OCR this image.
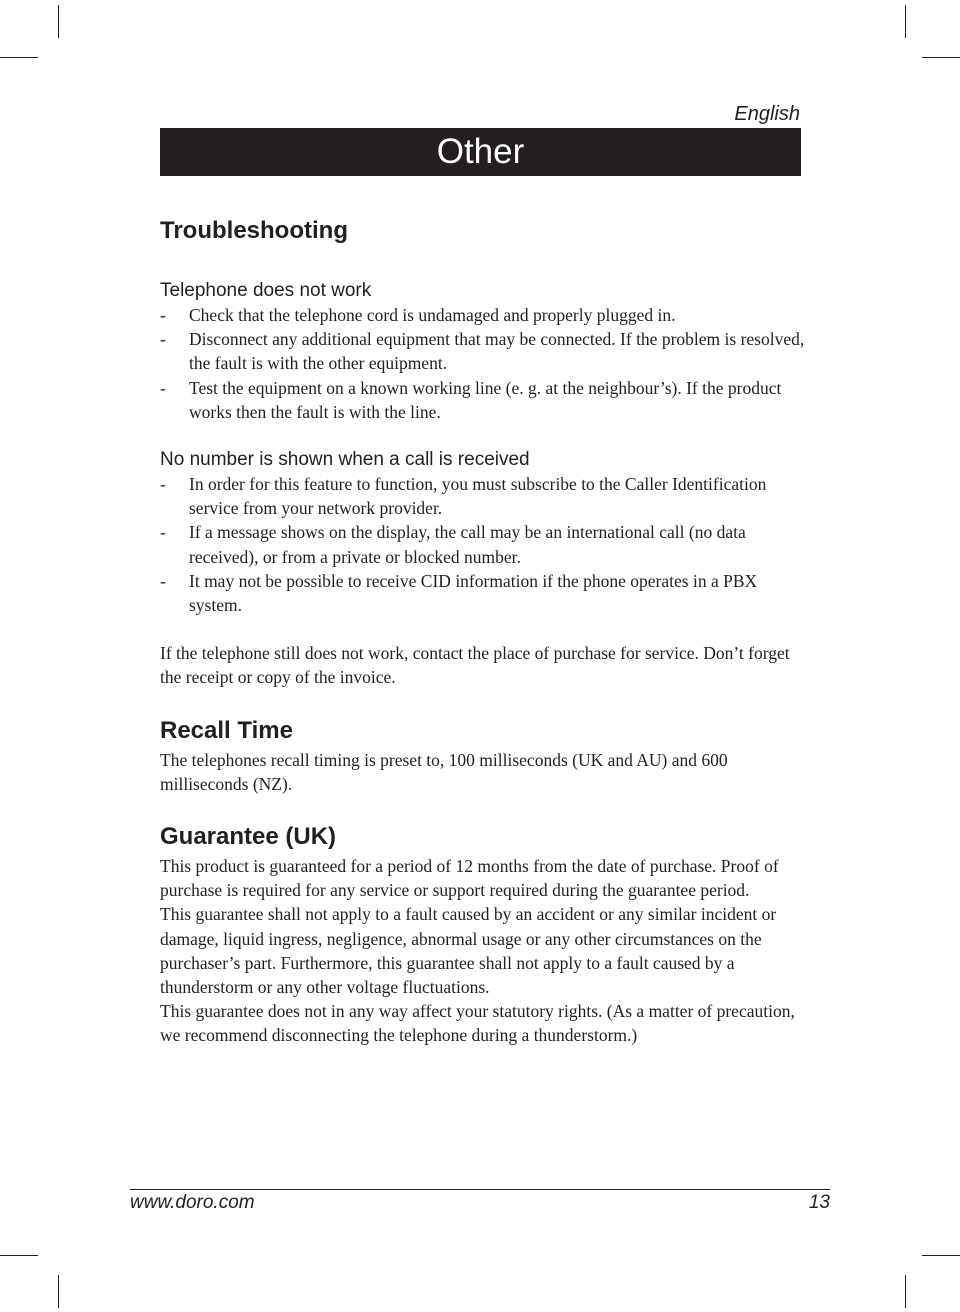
English
Other
Troubleshooting
Telephone does not work
- Check that the telephone cord is undamaged and properly plugged in.
- Disconnect any additional equipment that may be connected. If the problem is resolved, the fault is with the other equipment.
- Test the equipment on a known working line (e. g. at the neighbour’s). If the product works then the fault is with the line.
No number is shown when a call is received
- In order for this feature to function, you must subscribe to the Caller Identification service from your network provider.
- If a message shows on the display, the call may be an international call (no data received), or from a private or blocked number.
- It may not be possible to receive CID information if the phone operates in a PBX system.

If the telephone still does not work, contact the place of purchase for service. Don’t forget the receipt or copy of the invoice.

Recall Time

The telephones recall timing is preset to, 100 milliseconds (UK and AU) and 600 milliseconds (NZ).

Guarantee (UK)

This product is guaranteed for a period of 12 months from the date of purchase. Proof of purchase is required for any service or support required during the guarantee period.

This guarantee shall not apply to a fault caused by an accident or any similar incident or damage, liquid ingress, negligence, abnormal usage or any other circumstances on the purchaser’s part. Furthermore, this guarantee shall not apply to a fault caused by a thunderstorm or any other voltage fluctuations.

This guarantee does not in any way affect your statutory rights. (As a matter of precaution, we recommend disconnecting the telephone during a thunderstorm.)

www.doro.com	13
